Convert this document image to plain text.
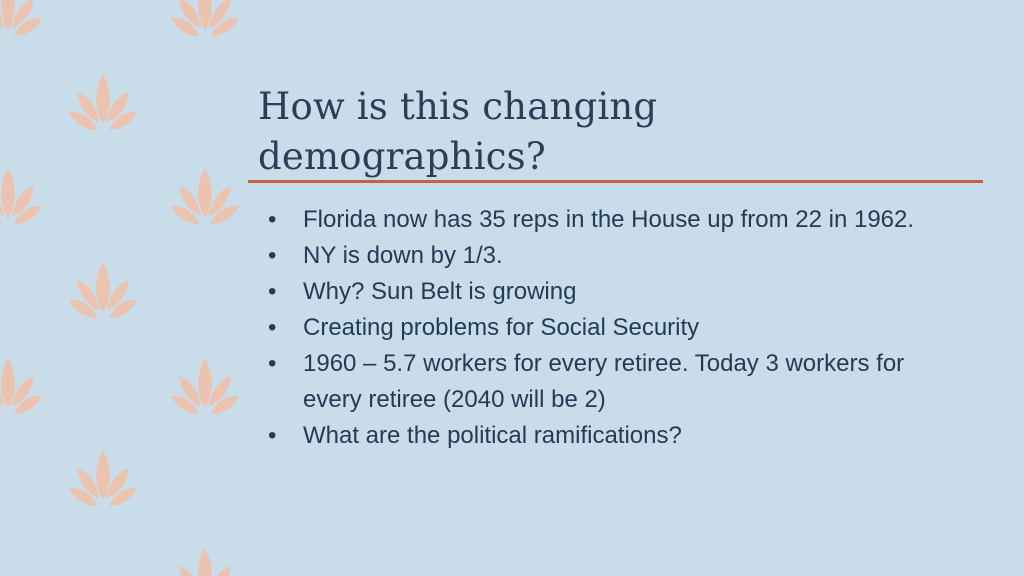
How is this changing
demographics?
•	Florida now has 35 reps in the House up from 22 in 1962.
•	NY is down by 1/3.
•	Why? Sun Belt is growing
•	Creating problems for Social Security
•	1960 – 5.7 workers for every retiree. Today 3 workers for every retiree (2040 will be 2)
•	What are the political ramifications?
